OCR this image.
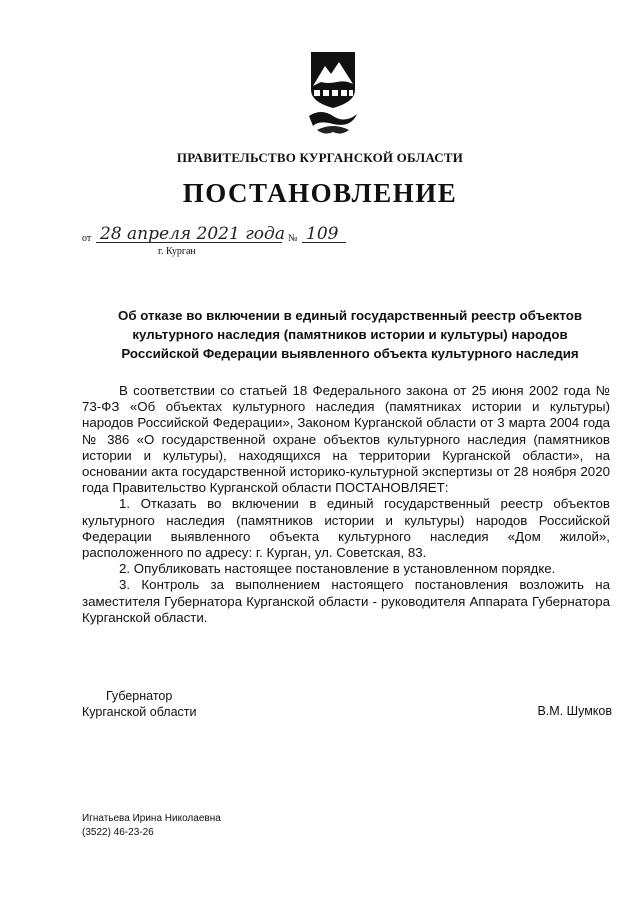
ПРАВИТЕЛЬСТВО КУРГАНСКОЙ ОБЛАСТИ
ПОСТАНОВЛЕНИЕ
от 28 апреля 2021 года № 109
г. Курган
Об отказе во включении в единый государственный реестр объектов
культурного наследия (памятников истории и культуры) народов
Российской Федерации выявленного объекта культурного наследия

В соответствии со статьей 18 Федерального закона от 25 июня 2002 года № 73-ФЗ «Об объектах культурного наследия (памятниках истории и культуры) народов Российской Федерации», Законом Курганской области от 3 марта 2004 года № 386 «О государственной охране объектов культурного наследия (памятников истории и культуры), находящихся на территории Курганской области», на основании акта государственной историко-культурной экспертизы от 28 ноября 2020 года Правительство Курганской области ПОСТАНОВЛЯЕТ:

1. Отказать во включении в единый государственный реестр объектов культурного наследия (памятников истории и культуры) народов Российской Федерации выявленного объекта культурного наследия «Дом жилой», расположенного по адресу: г. Курган, ул. Советская, 83.

2. Опубликовать настоящее постановление в установленном порядке.

3. Контроль за выполнением настоящего постановления возложить на заместителя Губернатора Курганской области - руководителя Аппарата Губернатора Курганской области.

Губернатор
Курганской области	В.М. Шумков
Игнатьева Ирина Николаевна
(3522) 46-23-26
